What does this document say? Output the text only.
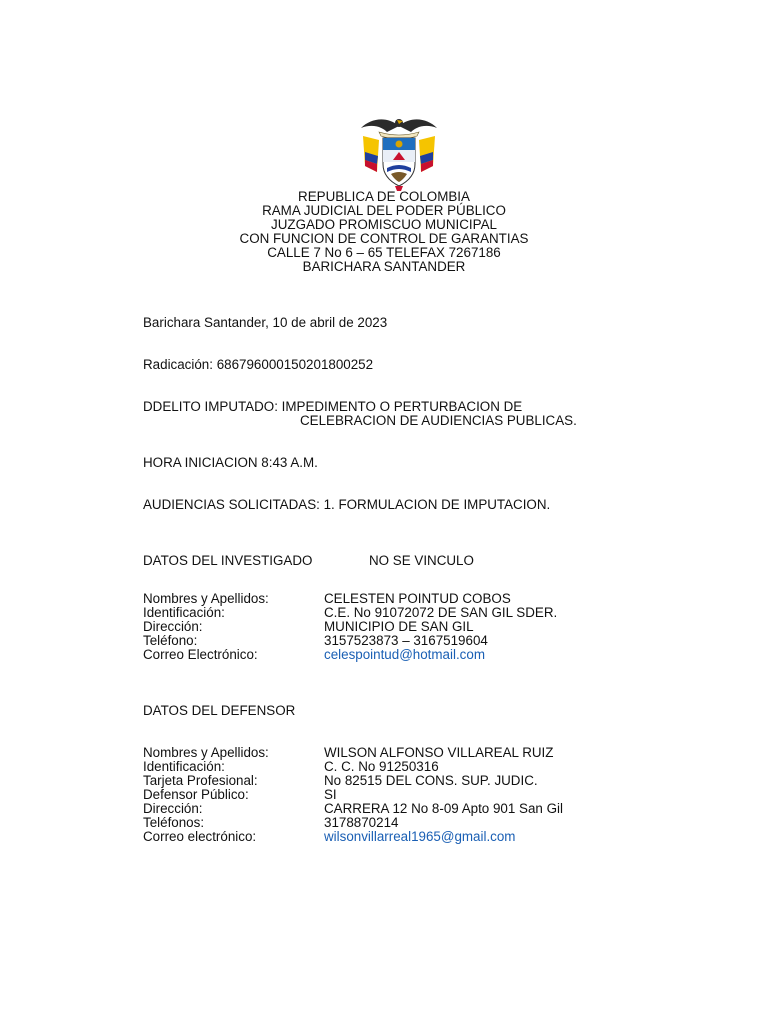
REPUBLICA DE COLOMBIA
RAMA JUDICIAL DEL PODER PÚBLICO
JUZGADO PROMISCUO MUNICIPAL
CON FUNCION DE CONTROL DE GARANTIAS
CALLE 7 No 6 – 65 TELEFAX 7267186
BARICHARA SANTANDER
Barichara Santander, 10 de abril de 2023
Radicación: 686796000150201800252
DDELITO IMPUTADO: IMPEDIMENTO O PERTURBACION DE
CELEBRACION DE AUDIENCIAS PUBLICAS.
HORA INICIACION 8:43 A.M.
AUDIENCIAS SOLICITADAS: 1. FORMULACION DE IMPUTACION.
DATOS DEL INVESTIGADO	NO SE VINCULO
Nombres y Apellidos:	CELESTEN POINTUD COBOS
Identificación:	C.E. No 91072072 DE SAN GIL SDER.
Dirección:	MUNICIPIO DE SAN GIL
Teléfono:	3157523873 – 3167519604
Correo Electrónico:	celespointud@hotmail.com
DATOS DEL DEFENSOR
Nombres y Apellidos:	WILSON ALFONSO VILLAREAL RUIZ
Identificación:	C. C. No 91250316
Tarjeta Profesional:	No 82515 DEL CONS. SUP. JUDIC.
Defensor Público:	SI
Dirección:	CARRERA 12 No 8-09 Apto 901 San Gil
Teléfonos:	3178870214
Correo electrónico:	wilsonvillarreal1965@gmail.com
